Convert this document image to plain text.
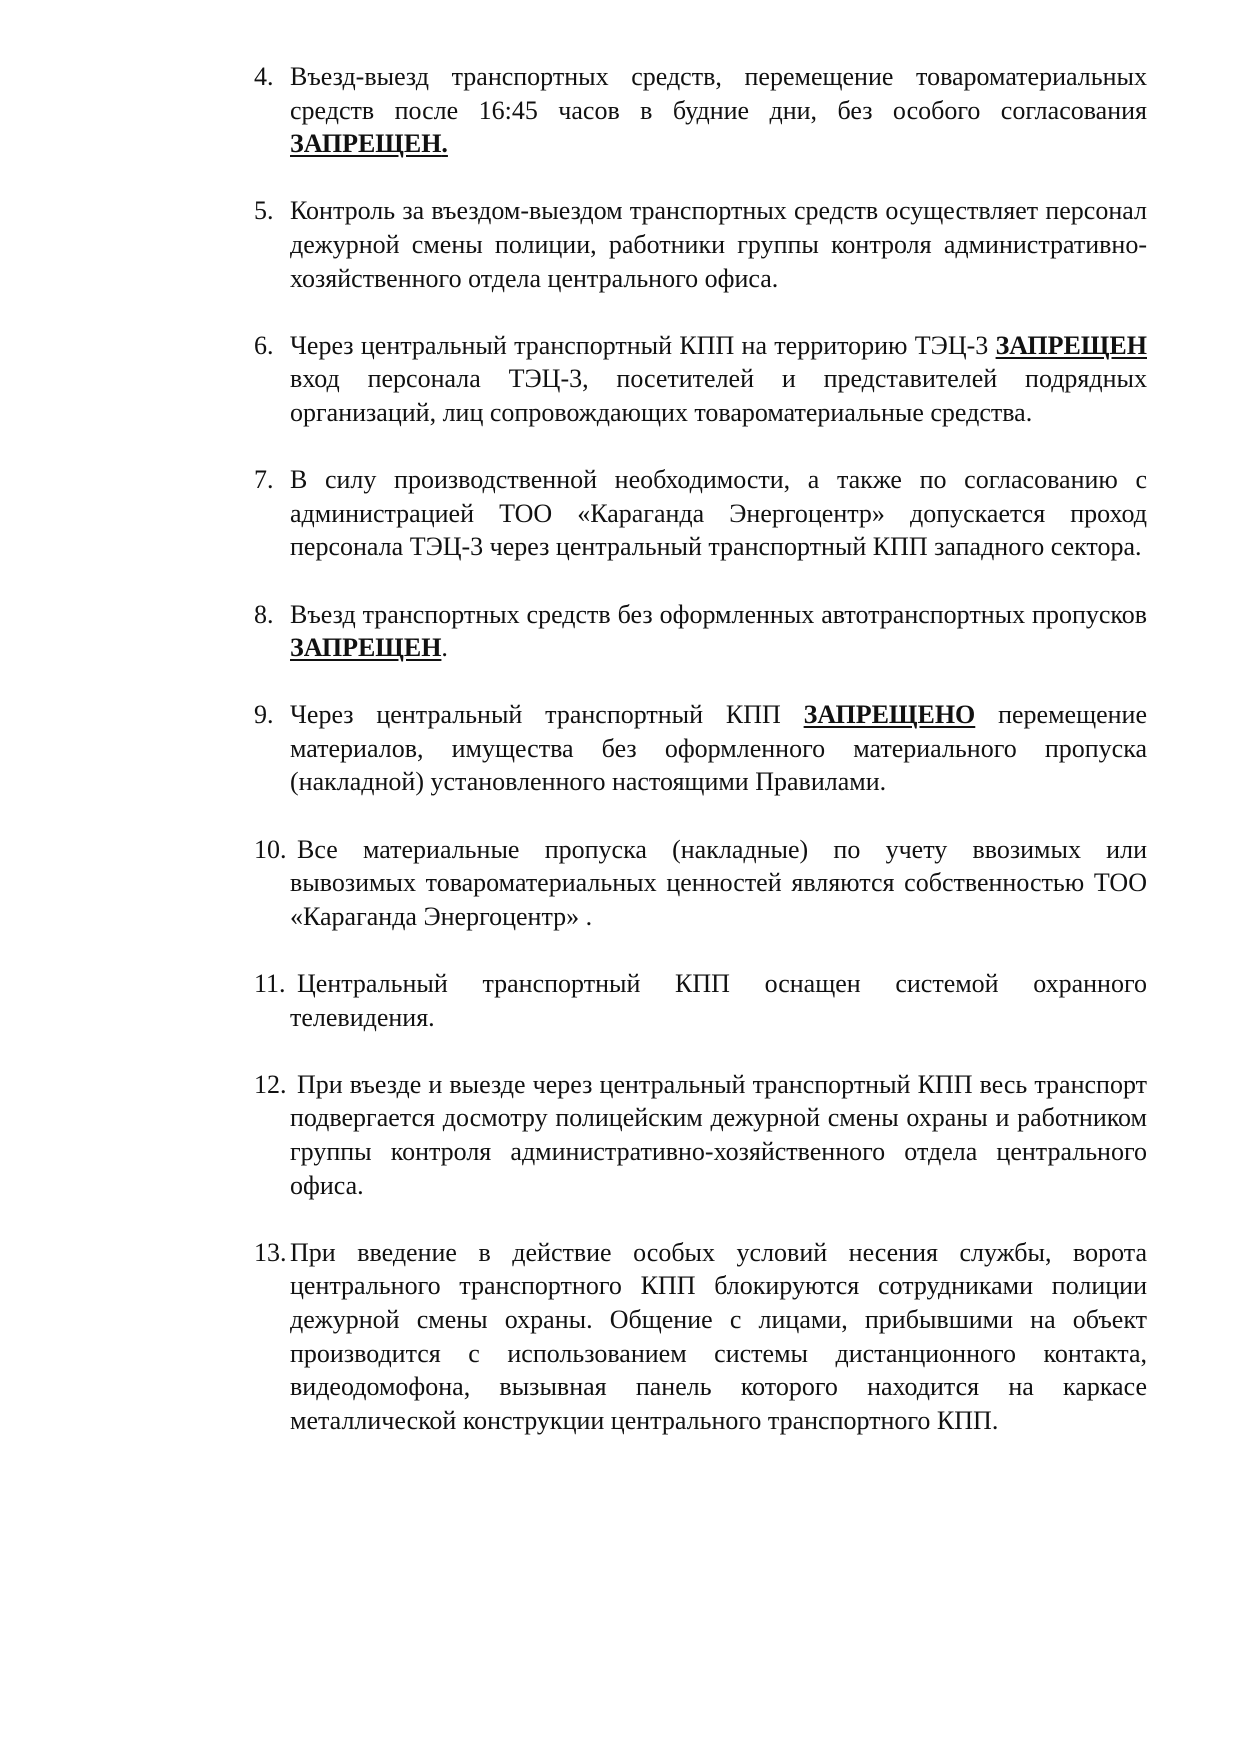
4. Въезд-выезд транспортных средств, перемещение товароматериальных средств после 16:45 часов в будние дни, без особого согласования ЗАПРЕЩЕН.
5. Контроль за въездом-выездом транспортных средств осуществляет персонал дежурной смены полиции, работники группы контроля административно-хозяйственного отдела центрального офиса.
6. Через центральный транспортный КПП на территорию ТЭЦ-3 ЗАПРЕЩЕН вход персонала ТЭЦ-3, посетителей и представителей подрядных организаций, лиц сопровождающих товароматериальные средства.
7. В силу производственной необходимости, а также по согласованию с администрацией ТОО «Караганда Энергоцентр» допускается проход персонала ТЭЦ-3 через центральный транспортный КПП западного сектора.
8. Въезд транспортных средств без оформленных автотранспортных пропусков ЗАПРЕЩЕН.
9. Через центральный транспортный КПП ЗАПРЕЩЕНО перемещение материалов, имущества без оформленного материального пропуска (накладной) установленного настоящими Правилами.
10. Все материальные пропуска (накладные) по учету ввозимых или вывозимых товароматериальных ценностей являются собственностью ТОО «Караганда Энергоцентр» .
11. Центральный транспортный КПП оснащен системой охранного телевидения.
12. При въезде и выезде через центральный транспортный КПП весь транспорт подвергается досмотру полицейским дежурной смены охраны и работником группы контроля административно-хозяйственного отдела центрального офиса.
13. При введение в действие особых условий несения службы, ворота центрального транспортного КПП блокируются сотрудниками полиции дежурной смены охраны. Общение с лицами, прибывшими на объект производится с использованием системы дистанционного контакта, видеодомофона, вызывная панель которого находится на каркасе металлической конструкции центрального транспортного КПП.
